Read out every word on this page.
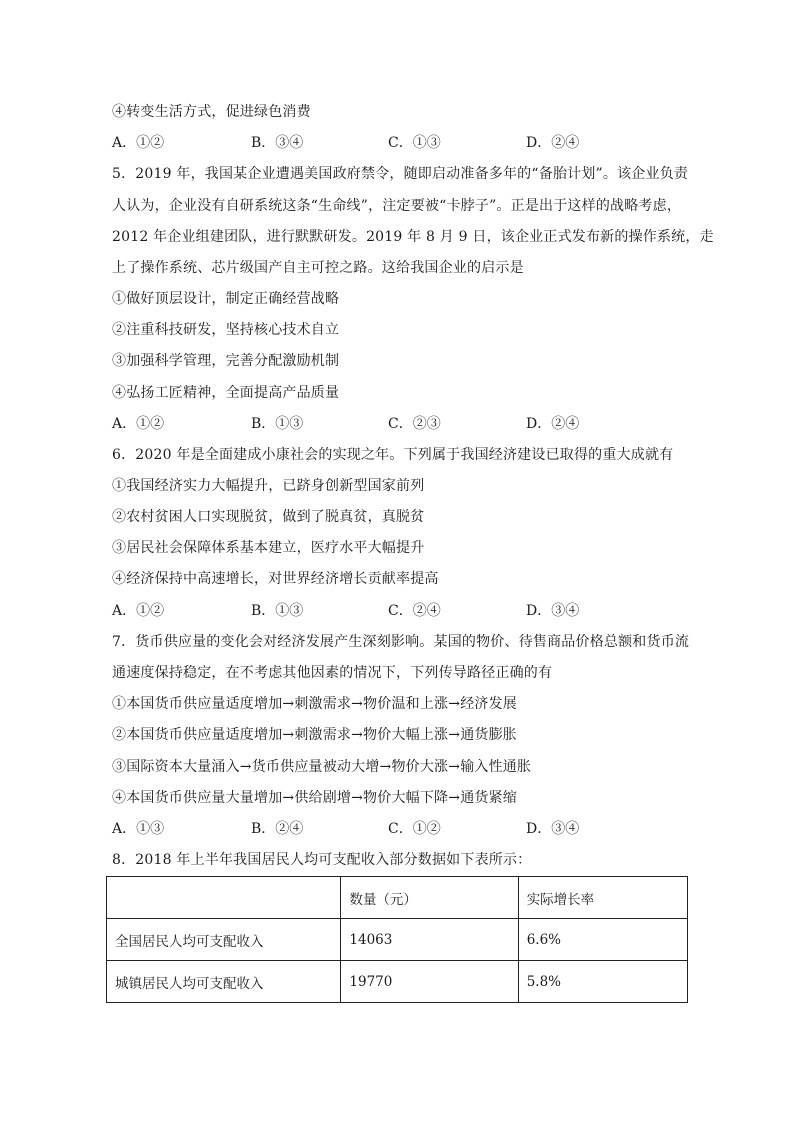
④转变生活方式，促进绿色消费
A．①②	B．③④	C．①③	D．②④
5．2019 年，我国某企业遭遇美国政府禁令，随即启动准备多年的“备胎计划”。该企业负责
人认为，企业没有自研系统这条“生命线”，注定要被“卡脖子”。正是出于这样的战略考虑，
2012 年企业组建团队，进行默默研发。2019 年 8 月 9 日，该企业正式发布新的操作系统，走
上了操作系统、芯片级国产自主可控之路。这给我国企业的启示是
①做好顶层设计，制定正确经营战略
②注重科技研发，坚持核心技术自立
③加强科学管理，完善分配激励机制
④弘扬工匠精神，全面提高产品质量
A．①②	B．①③	C．②③	D．②④
6．2020 年是全面建成小康社会的实现之年。下列属于我国经济建设已取得的重大成就有
①我国经济实力大幅提升，已跻身创新型国家前列
②农村贫困人口实现脱贫，做到了脱真贫，真脱贫
③居民社会保障体系基本建立，医疗水平大幅提升
④经济保持中高速增长，对世界经济增长贡献率提高
A．①②	B．①③	C．②④	D．③④
7．货币供应量的变化会对经济发展产生深刻影响。某国的物价、待售商品价格总额和货币流
通速度保持稳定，在不考虑其他因素的情况下，下列传导路径正确的有
①本国货币供应量适度增加→刺激需求→物价温和上涨→经济发展
②本国货币供应量适度增加→刺激需求→物价大幅上涨→通货膨胀
③国际资本大量涌入→货币供应量被动大增→物价大涨→输入性通胀
④本国货币供应量大量增加→供给剧增→物价大幅下降→通货紧缩
A．①③	B．②④	C．①②	D．③④
8．2018 年上半年我国居民人均可支配收入部分数据如下表所示：
	数量（元）	实际增长率
全国居民人均可支配收入	14063	6.6%
城镇居民人均可支配收入	19770	5.8%
